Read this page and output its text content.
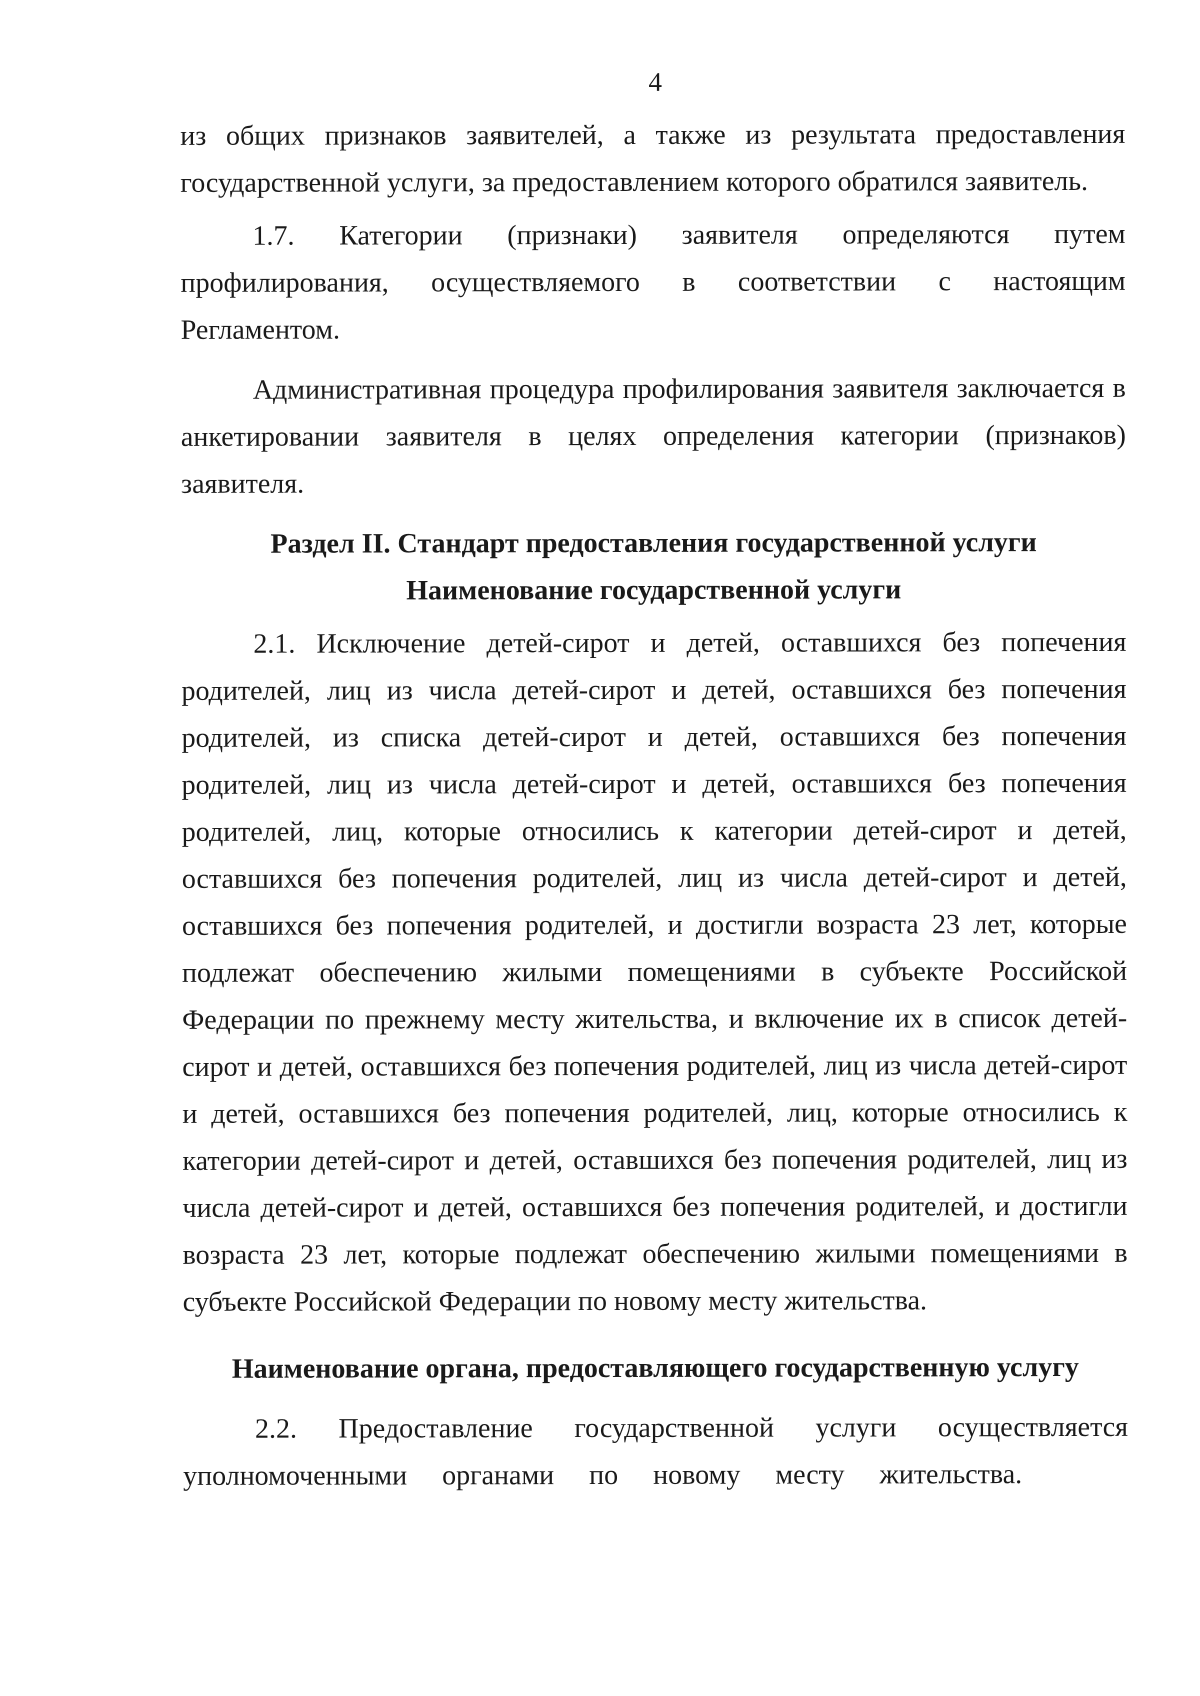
4

из общих признаков заявителей, а также из результата предоставления государственной услуги, за предоставлением которого обратился заявитель.

1.7. Категории (признаки) заявителя определяются путем профилирования, осуществляемого в соответствии с настоящим Регламентом.

Административная процедура профилирования заявителя заключается в анкетировании заявителя в целях определения категории (признаков) заявителя.

Раздел II. Стандарт предоставления государственной услуги

Наименование государственной услуги

2.1. Исключение детей-сирот и детей, оставшихся без попечения родителей, лиц из числа детей-сирот и детей, оставшихся без попечения родителей, из списка детей-сирот и детей, оставшихся без попечения родителей, лиц из числа детей-сирот и детей, оставшихся без попечения родителей, лиц, которые относились к категории детей-сирот и детей, оставшихся без попечения родителей, лиц из числа детей-сирот и детей, оставшихся без попечения родителей, и достигли возраста 23 лет, которые подлежат обеспечению жилыми помещениями в субъекте Российской Федерации по прежнему месту жительства, и включение их в список детей-сирот и детей, оставшихся без попечения родителей, лиц из числа детей-сирот и детей, оставшихся без попечения родителей, лиц, которые относились к категории детей-сирот и детей, оставшихся без попечения родителей, лиц из числа детей-сирот и детей, оставшихся без попечения родителей, и достигли возраста 23 лет, которые подлежат обеспечению жилыми помещениями в субъекте Российской Федерации по новому месту жительства.

Наименование органа, предоставляющего государственную услугу

2.2. Предоставление государственной услуги осуществляется уполномоченными органами по новому месту жительства.
